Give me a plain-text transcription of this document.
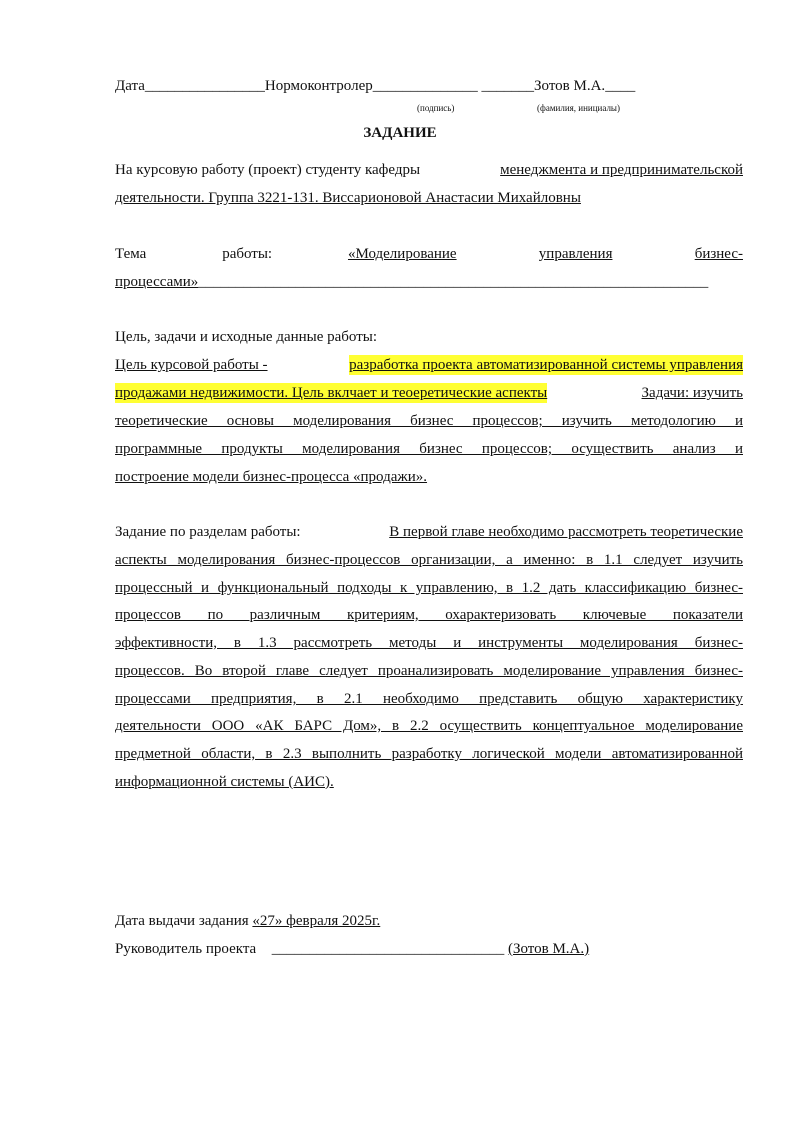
Дата________________Нормоконтролер______________ _______Зотов М.А.____
(подпись)	(фамилия, инициалы)
ЗАДАНИЕ
На курсовую работу (проект) студенту кафедры	менеджмента и предпринимательской
деятельности. Группа 3221-131. Виссарионовой Анастасии Михайловны
Тема	работы:	«Моделирование	управления	бизнес-
процессами»____________________________________________________________________
Цель, задачи и исходные данные работы:
Цель курсовой работы -	разработка проекта автоматизированной системы управления
продажами недвижимости. Цель вклчает и теоеретические аспекты	Задачи: изучить
теоретические основы моделирования бизнес процессов; изучить методологию и
программные продукты моделирования бизнес процессов; осуществить анализ и
построение модели бизнес-процесса «продажи».
Задание по разделам работы:	В первой главе необходимо рассмотреть теоретические
аспекты моделирования бизнес-процессов организации, а именно: в 1.1 следует изучить
процессный и функциональный подходы к управлению, в 1.2 дать классификацию бизнес-
процессов по различным критериям, охарактеризовать ключевые показатели
эффективности, в 1.3 рассмотреть методы и инструменты моделирования бизнес-
процессов. Во второй главе следует проанализировать моделирование управления бизнес-
процессами предприятия, в 2.1 необходимо представить общую характеристику
деятельности ООО «АК БАРС Дом», в 2.2 осуществить концептуальное моделирование
предметной области, в 2.3 выполнить разработку логической модели автоматизированной
информационной системы (АИС).
Дата выдачи задания «27» февраля 2025г.
Руководитель проекта _______________________________ (Зотов М.А.)
